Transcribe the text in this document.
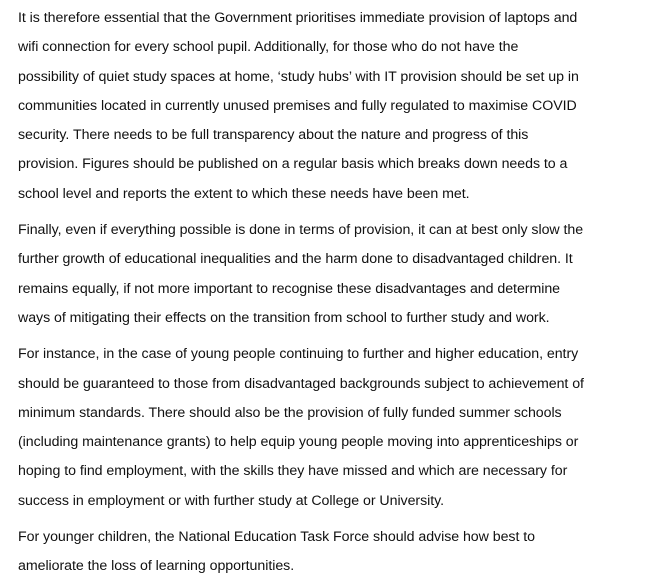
It is therefore essential that the Government prioritises immediate provision of laptops and
wifi connection for every school pupil. Additionally, for those who do not have the
possibility of quiet study spaces at home, ‘study hubs’ with IT provision should be set up in
communities located in currently unused premises and fully regulated to maximise COVID
security. There needs to be full transparency about the nature and progress of this
provision. Figures should be published on a regular basis which breaks down needs to a
school level and reports the extent to which these needs have been met.
Finally, even if everything possible is done in terms of provision, it can at best only slow the
further growth of educational inequalities and the harm done to disadvantaged children. It
remains equally, if not more important to recognise these disadvantages and determine
ways of mitigating their effects on the transition from school to further study and work.
For instance, in the case of young people continuing to further and higher education, entry
should be guaranteed to those from disadvantaged backgrounds subject to achievement of
minimum standards. There should also be the provision of fully funded summer schools
(including maintenance grants) to help equip young people moving into apprenticeships or
hoping to find employment, with the skills they have missed and which are necessary for
success in employment or with further study at College or University.
For younger children, the National Education Task Force should advise how best to
ameliorate the loss of learning opportunities.
